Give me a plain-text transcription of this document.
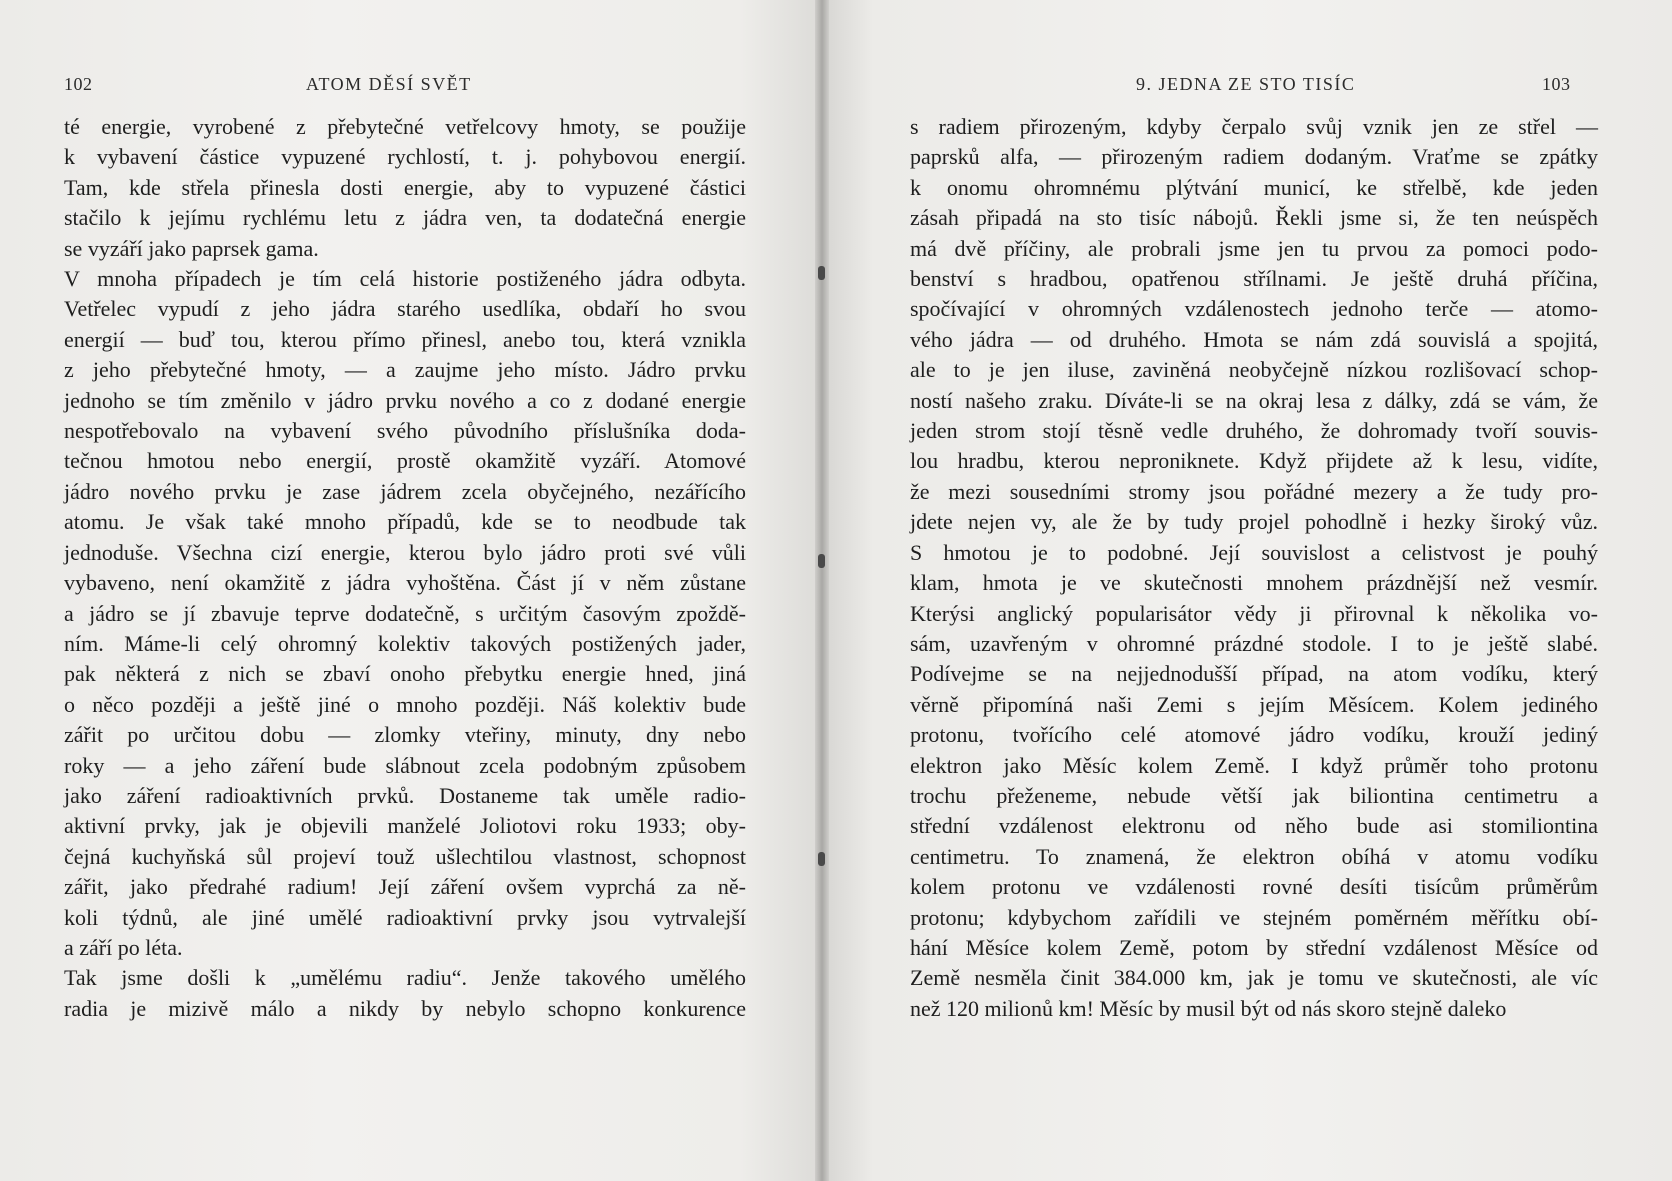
102	ATOM DĚSÍ SVĚT

té energie, vyrobené z přebytečné vetřelcovy hmoty, se použije

k vybavení částice vypuzené rychlostí, t. j. pohybovou energií.

Tam, kde střela přinesla dosti energie, aby to vypuzené částici

stačilo k jejímu rychlému letu z jádra ven, ta dodatečná energie

se vyzáří jako paprsek gama.

V mnoha případech je tím celá historie postiženého jádra odbyta.

Vetřelec vypudí z jeho jádra starého usedlíka, obdaří ho svou

energií — buď tou, kterou přímo přinesl, anebo tou, která vznikla

z jeho přebytečné hmoty, — a zaujme jeho místo. Jádro prvku

jednoho se tím změnilo v jádro prvku nového a co z dodané energie

nespotřebovalo na vybavení svého původního příslušníka doda-

tečnou hmotou nebo energií, prostě okamžitě vyzáří. Atomové

jádro nového prvku je zase jádrem zcela obyčejného, nezářícího

atomu. Je však také mnoho případů, kde se to neodbude tak

jednoduše. Všechna cizí energie, kterou bylo jádro proti své vůli

vybaveno, není okamžitě z jádra vyhoštěna. Část jí v něm zůstane

a jádro se jí zbavuje teprve dodatečně, s určitým časovým zpoždě-

ním. Máme-li celý ohromný kolektiv takových postižených jader,

pak některá z nich se zbaví onoho přebytku energie hned, jiná

o něco později a ještě jiné o mnoho později. Náš kolektiv bude

zářit po určitou dobu — zlomky vteřiny, minuty, dny nebo

roky — a jeho záření bude slábnout zcela podobným způsobem

jako záření radioaktivních prvků. Dostaneme tak uměle radio-

aktivní prvky, jak je objevili manželé Joliotovi roku 1933; oby-

čejná kuchyňská sůl projeví touž ušlechtilou vlastnost, schopnost

zářit, jako předrahé radium! Její záření ovšem vyprchá za ně-

koli týdnů, ale jiné umělé radioaktivní prvky jsou vytrvalejší

a září po léta.

Tak jsme došli k „umělému radiu“. Jenže takového umělého

radia je mizivě málo a nikdy by nebylo schopno konkurence

9. JEDNA ZE STO TISÍC	103

s radiem přirozeným, kdyby čerpalo svůj vznik jen ze střel —

paprsků alfa, — přirozeným radiem dodaným. Vraťme se zpátky

k onomu ohromnému plýtvání municí, ke střelbě, kde jeden

zásah připadá na sto tisíc nábojů. Řekli jsme si, že ten neúspěch

má dvě příčiny, ale probrali jsme jen tu prvou za pomoci podo-

benství s hradbou, opatřenou střílnami. Je ještě druhá příčina,

spočívající v ohromných vzdálenostech jednoho terče — atomo-

vého jádra — od druhého. Hmota se nám zdá souvislá a spojitá,

ale to je jen iluse, zaviněná neobyčejně nízkou rozlišovací schop-

ností našeho zraku. Díváte-li se na okraj lesa z dálky, zdá se vám, že

jeden strom stojí těsně vedle druhého, že dohromady tvoří souvis-

lou hradbu, kterou neproniknete. Když přijdete až k lesu, vidíte,

že mezi sousedními stromy jsou pořádné mezery a že tudy pro-

jdete nejen vy, ale že by tudy projel pohodlně i hezky široký vůz.

S hmotou je to podobné. Její souvislost a celistvost je pouhý

klam, hmota je ve skutečnosti mnohem prázdnější než vesmír.

Kterýsi anglický popularisátor vědy ji přirovnal k několika vo-

sám, uzavřeným v ohromné prázdné stodole. I to je ještě slabé.

Podívejme se na nejjednodušší případ, na atom vodíku, který

věrně připomíná naši Zemi s jejím Měsícem. Kolem jediného

protonu, tvořícího celé atomové jádro vodíku, krouží jediný

elektron jako Měsíc kolem Země. I když průměr toho protonu

trochu přeženeme, nebude větší jak biliontina centimetru a

střední vzdálenost elektronu od něho bude asi stomiliontina

centimetru. To znamená, že elektron obíhá v atomu vodíku

kolem protonu ve vzdálenosti rovné desíti tisícům průměrům

protonu; kdybychom zařídili ve stejném poměrném měřítku obí-

hání Měsíce kolem Země, potom by střední vzdálenost Měsíce od

Země nesměla činit 384.000 km, jak je tomu ve skutečnosti, ale víc

než 120 milionů km! Měsíc by musil být od nás skoro stejně daleko
